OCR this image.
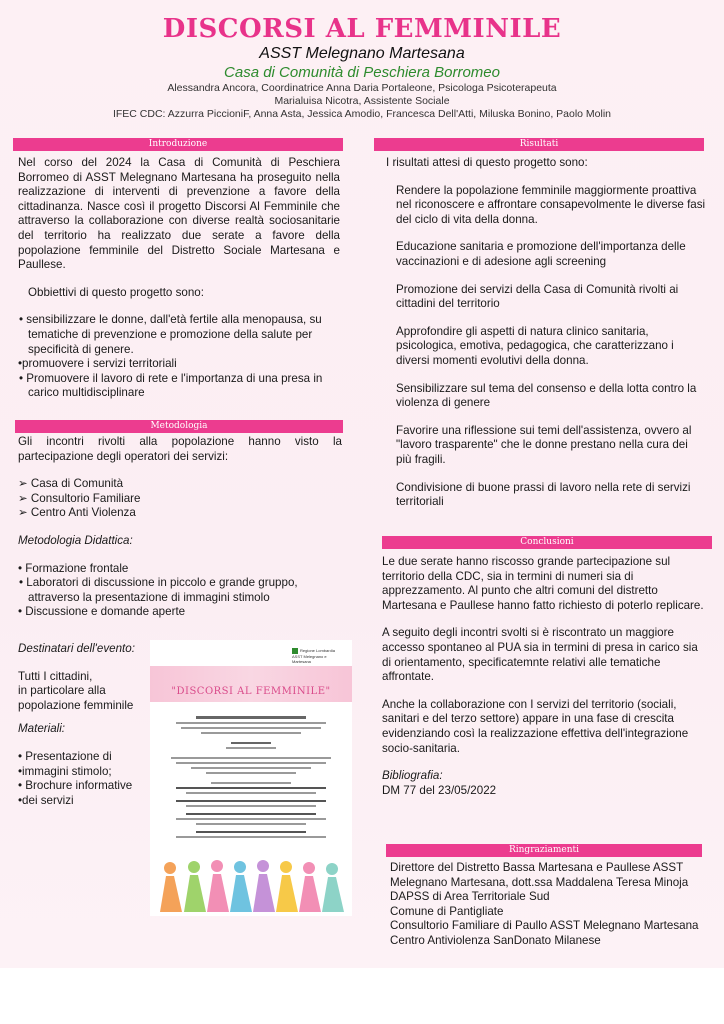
DISCORSI AL FEMMINILE
ASST Melegnano Martesana
Casa di Comunità di Peschiera Borromeo
Alessandra Ancora, Coordinatrice Anna Daria Portaleone, Psicologa Psicoterapeuta
Marialuisa Nicotra, Assistente Sociale
IFEC CDC: Azzurra PiccioniF, Anna Asta, Jessica Amodio, Francesca Dell'Atti, Miluska Bonino, Paolo Molin
Introduzione

Nel corso del 2024 la Casa di Comunità di Peschiera Borromeo di ASST Melegnano Martesana ha proseguito nella realizzazione di interventi di prevenzione a favore della cittadinanza. Nasce così il progetto Discorsi Al Femminile che attraverso la collaborazione con diverse realtà sociosanitarie del territorio ha realizzato due serate a favore della popolazione femminile del Distretto Sociale Martesana e Paullese.

Obbiettivi di questo progetto sono:

• sensibilizzare le donne, dall'età fertile alla menopausa, su tematiche di prevenzione e promozione della salute per specificità di genere.

•promuovere i servizi territoriali

• Promuovere il lavoro di rete e l'importanza di una presa in carico multidisciplinare

Metodologia

Gli incontri rivolti alla popolazione hanno visto la partecipazione degli operatori dei servizi:

➢ Casa di Comunità

➢ Consultorio Familiare

➢ Centro Anti Violenza

Metodologia Didattica:

• Formazione frontale

• Laboratori di discussione in piccolo e grande gruppo, attraverso la presentazione di immagini stimolo

• Discussione e domande aperte

Destinatari dell'evento:

Tutti I cittadini,

in particolare alla

popolazione femminile

Materiali:

• Presentazione di

•immagini stimolo;

• Brochure informative

•dei servizi

Regione Lombardia ASST Melegnano e Martesana
"DISCORSI AL FEMMINILE"
Risultati

I risultati attesi di questo progetto sono:

Rendere la popolazione femminile maggiormente proattiva nel riconoscere e affrontare consapevolmente le diverse fasi del ciclo di vita della donna.

Educazione sanitaria e promozione dell'importanza delle vaccinazioni e di adesione agli screening

Promozione dei servizi della Casa di Comunità rivolti ai cittadini del territorio

Approfondire gli aspetti di natura clinico sanitaria, psicologica, emotiva, pedagogica, che caratterizzano i diversi momenti evolutivi della donna.

Sensibilizzare sul tema del consenso e della lotta contro la violenza di genere

Favorire una riflessione sui temi dell'assistenza, ovvero al "lavoro trasparente" che le donne prestano nella cura dei più fragili.

Condivisione di buone prassi di lavoro nella rete di servizi territoriali

Conclusioni

Le due serate hanno riscosso grande partecipazione sul territorio della CDC, sia in termini di numeri sia di apprezzamento. Al punto che altri comuni del distretto Martesana e Paullese hanno fatto richiesto di poterlo replicare.

A seguito degli incontri svolti si è riscontrato un maggiore accesso spontaneo al PUA sia in termini di presa in carico sia di orientamento, specificatemnte relativi alle tematiche affrontate.

Anche la collaborazione con I servizi del territorio (sociali, sanitari e del terzo settore) appare in una fase di crescita evidenziando così la realizzazione effettiva dell'integrazione socio-sanitaria.

Bibliografia:

DM 77 del 23/05/2022

Ringraziamenti

Direttore del Distretto Bassa Martesana e Paullese ASST

Melegnano Martesana, dott.ssa Maddalena Teresa Minoja

DAPSS di Area Territoriale Sud

Comune di Pantigliate

Consultorio Familiare di Paullo ASST Melegnano Martesana

Centro Antiviolenza SanDonato Milanese
